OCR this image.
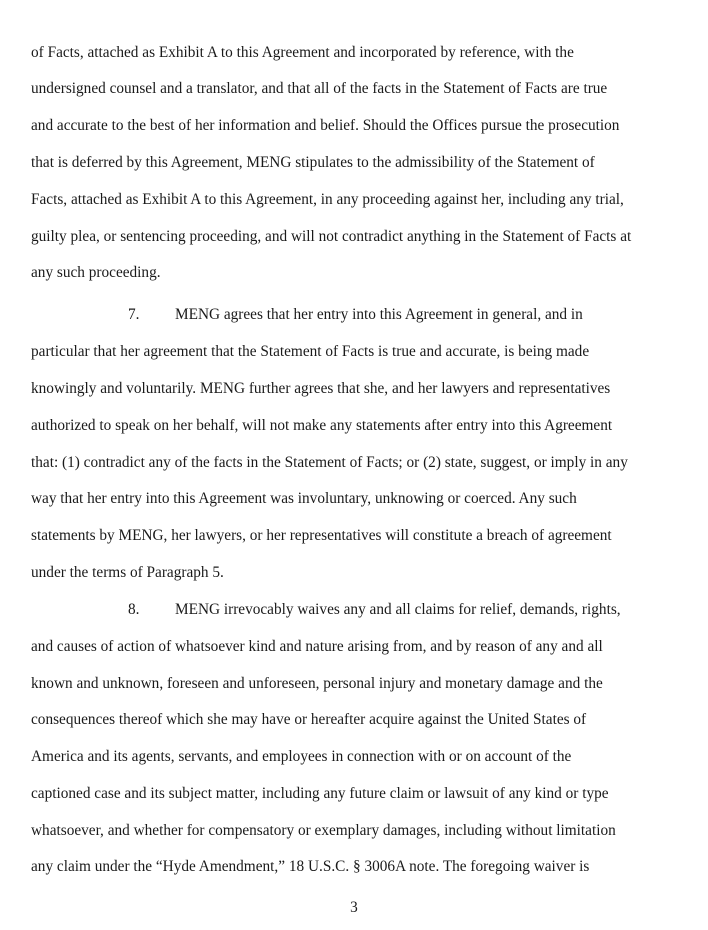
of Facts, attached as Exhibit A to this Agreement and incorporated by reference, with the
undersigned counsel and a translator, and that all of the facts in the Statement of Facts are true
and accurate to the best of her information and belief. Should the Offices pursue the prosecution
that is deferred by this Agreement, MENG stipulates to the admissibility of the Statement of
Facts, attached as Exhibit A to this Agreement, in any proceeding against her, including any trial,
guilty plea, or sentencing proceeding, and will not contradict anything in the Statement of Facts at
any such proceeding.
7. MENG agrees that her entry into this Agreement in general, and in
particular that her agreement that the Statement of Facts is true and accurate, is being made
knowingly and voluntarily. MENG further agrees that she, and her lawyers and representatives
authorized to speak on her behalf, will not make any statements after entry into this Agreement
that: (1) contradict any of the facts in the Statement of Facts; or (2) state, suggest, or imply in any
way that her entry into this Agreement was involuntary, unknowing or coerced. Any such
statements by MENG, her lawyers, or her representatives will constitute a breach of agreement
under the terms of Paragraph 5.
8. MENG irrevocably waives any and all claims for relief, demands, rights,
and causes of action of whatsoever kind and nature arising from, and by reason of any and all
known and unknown, foreseen and unforeseen, personal injury and monetary damage and the
consequences thereof which she may have or hereafter acquire against the United States of
America and its agents, servants, and employees in connection with or on account of the
captioned case and its subject matter, including any future claim or lawsuit of any kind or type
whatsoever, and whether for compensatory or exemplary damages, including without limitation
any claim under the “Hyde Amendment,” 18 U.S.C. § 3006A note. The foregoing waiver is
3
